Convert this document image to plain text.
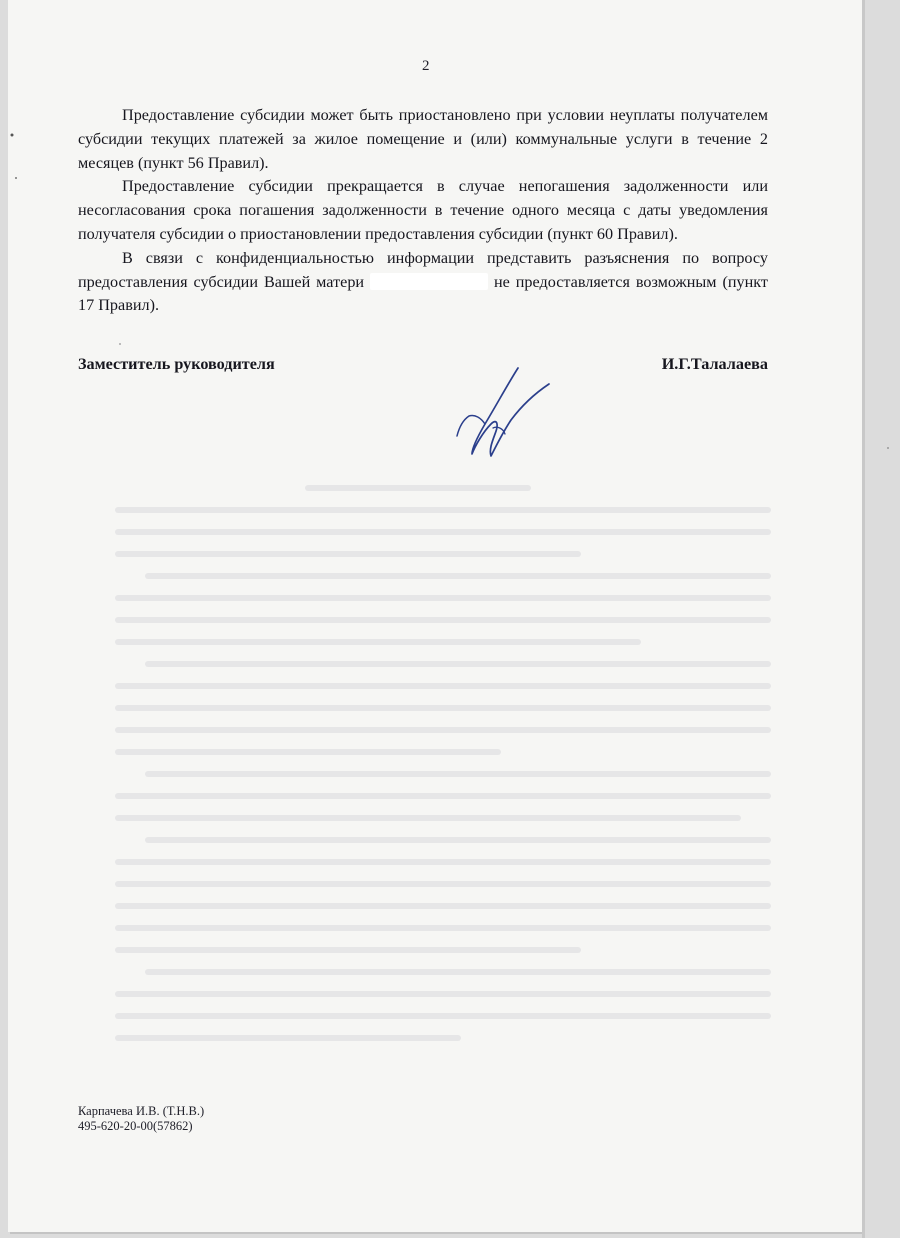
2

Предоставление субсидии может быть приостановлено при условии неуплаты получателем субсидии текущих платежей за жилое помещение и (или) коммунальные услуги в течение 2 месяцев (пункт 56 Правил).

Предоставление субсидии прекращается в случае непогашения задолженности или несогласования срока погашения задолженности в течение одного месяца с даты уведомления получателя субсидии о приостановлении предоставления субсидии (пункт 60 Правил).

В связи с конфиденциальностью информации представить разъяснения по вопросу предоставления субсидии Вашей матери	не предоставляется возможным (пункт 17 Правил).

Заместитель руководителя	И.Г.Талалаева
Карпачева И.В. (Т.Н.В.)
495-620-20-00(57862)
